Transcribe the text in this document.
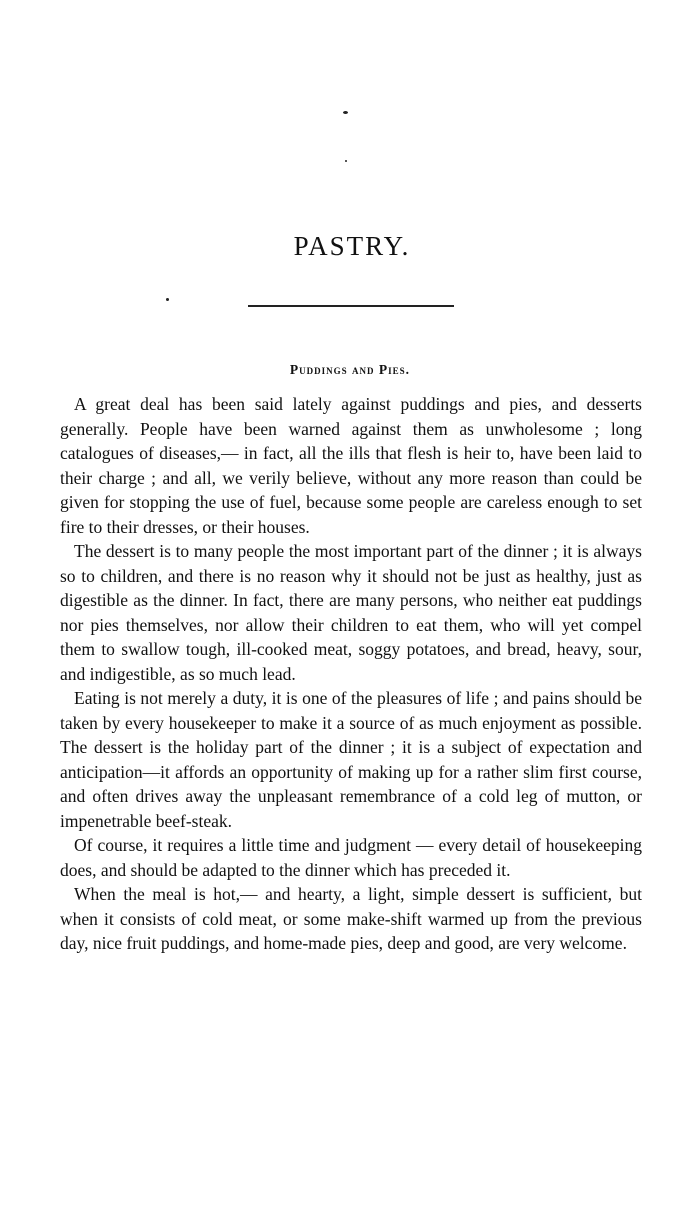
PASTRY.
Puddings and Pies.

A great deal has been said lately against puddings and pies, and desserts generally. People have been warned against them as unwholesome ; long catalogues of diseases,— in fact, all the ills that flesh is heir to, have been laid to their charge ; and all, we verily believe, without any more reason than could be given for stopping the use of fuel, because some people are careless enough to set fire to their dresses, or their houses.

The dessert is to many people the most important part of the dinner ; it is always so to children, and there is no reason why it should not be just as healthy, just as digestible as the dinner. In fact, there are many persons, who neither eat puddings nor pies themselves, nor allow their children to eat them, who will yet compel them to swallow tough, ill-cooked meat, soggy potatoes, and bread, heavy, sour, and indigestible, as so much lead.

Eating is not merely a duty, it is one of the pleasures of life ; and pains should be taken by every housekeeper to make it a source of as much enjoyment as possible. The dessert is the holiday part of the dinner ; it is a subject of expectation and anticipation—it affords an opportunity of making up for a rather slim first course, and often drives away the unpleasant remembrance of a cold leg of mutton, or impenetrable beef-steak.

Of course, it requires a little time and judgment — every detail of housekeeping does, and should be adapted to the dinner which has preceded it.

When the meal is hot,— and hearty, a light, simple dessert is sufficient, but when it consists of cold meat, or some make-shift warmed up from the previous day, nice fruit puddings, and home-made pies, deep and good, are very welcome.
